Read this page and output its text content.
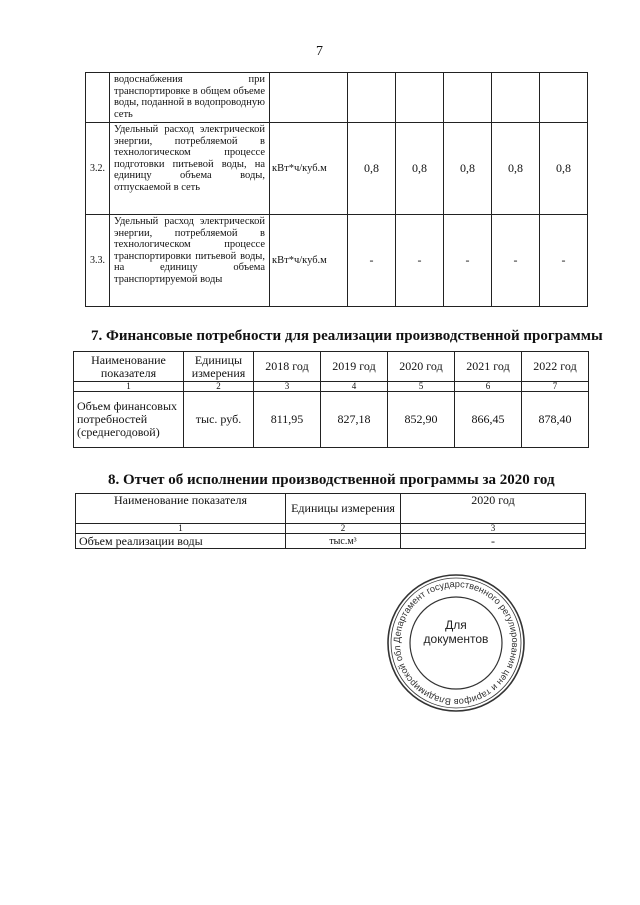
7
	водоснабжения при транспортировке в общем объеме воды, поданной в водопроводную сеть						
3.2.	Удельный расход электрической энергии, потребляемой в технологическом процессе подготовки питьевой воды, на единицу объема воды, отпускаемой в сеть	кВт*ч/куб.м	0,8	0,8	0,8	0,8	0,8
3.3.	Удельный расход электрической энергии, потребляемой в технологическом процессе транспортировки питьевой воды, на единицу объема транспортируемой воды	кВт*ч/куб.м	-	-	-	-	-
7. Финансовые потребности для реализации производственной программы
Наименование показателя	Единицы измерения	2018 год	2019 год	2020 год	2021 год	2022 год
1	2	3	4	5	6	7
Объем финансовых потребностей (среднегодовой)	тыс. руб.	811,95	827,18	852,90	866,45	878,40
8. Отчет об исполнении производственной программы за 2020 год
Наименование показателя	Единицы измерения	2020 год
1	2	3
Объем реализации воды	тыс.м³	-
Департамент государственного регулирования цен и тарифов Владимирской обл
Для
документов
